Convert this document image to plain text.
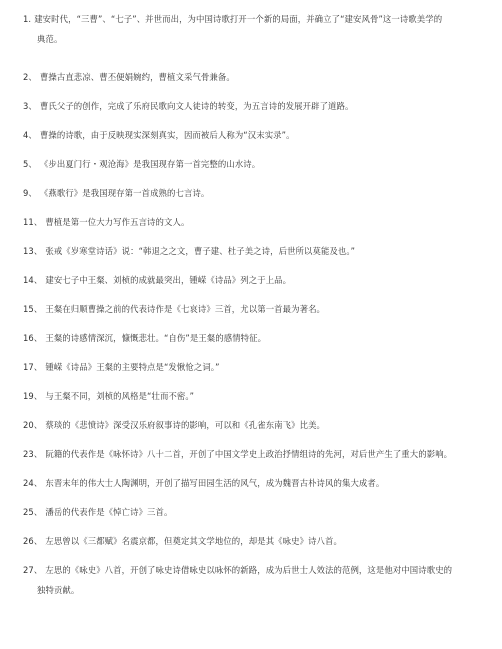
1. 建安时代，“三曹”、“七子”、并世而出，为中国诗歌打开一个新的局面，并确立了“建安风骨”这一诗歌美学的
典范。
2、 曹操古直悲凉、曹丕便娟婉约，曹植文采气骨兼备。
3、 曹氏父子的创作，完成了乐府民歌向文人徒诗的转变，为五言诗的发展开辟了道路。
4、 曹操的诗歌，由于反映现实深刻真实，因而被后人称为“汉末实录”。
5、 《步出夏门行・观沧海》是我国现存第一首完整的山水诗。
9、 《燕歌行》是我国现存第一首成熟的七言诗。
11、 曹植是第一位大力写作五言诗的文人。
13、 张戒《岁寒堂诗话》说：“韩退之之文，曹子建、杜子美之诗，后世所以莫能及也。”
14、 建安七子中王粲、刘桢的成就最突出，锺嵘《诗品》列之于上品。
15、 王粲在归顺曹操之前的代表诗作是《七哀诗》三首，尤以第一首最为著名。
16、 王粲的诗感情深沉，慷慨悲壮。“自伤”是王粲的感情特征。
17、 锺嵘《诗品》王粲的主要特点是“发愀怆之词。”
19、 与王粲不同，刘桢的风格是“壮而不密。”
20、 蔡琰的《悲愤诗》深受汉乐府叙事诗的影响，可以和《孔雀东南飞》比美。
23、 阮籍的代表作是《咏怀诗》八十二首，开创了中国文学史上政治抒情组诗的先河，对后世产生了重大的影响。
24、 东晋末年的伟大士人陶渊明，开创了描写田园生活的风气，成为魏晋古朴诗风的集大成者。
25、 潘岳的代表作是《悼亡诗》三首。
26、 左思曾以《三都赋》名震京都，但奠定其文学地位的，却是其《咏史》诗八首。
27、 左思的《咏史》八首，开创了咏史诗借咏史以咏怀的新路，成为后世士人效法的范例，这是他对中国诗歌史的
独特贡献。
